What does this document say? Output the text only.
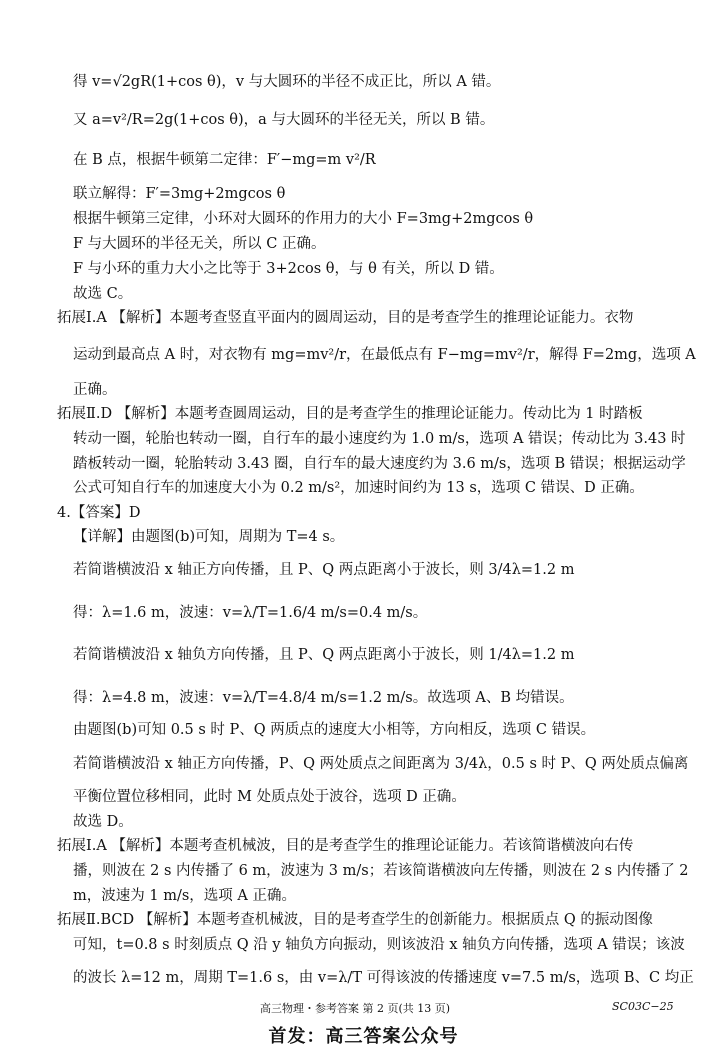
得 v=√2gR(1+cos θ)，v 与大圆环的半径不成正比，所以 A 错。
又 a=v²/R=2g(1+cos θ)，a 与大圆环的半径无关，所以 B 错。
在 B 点，根据牛顿第二定律：F′−mg=m v²/R
联立解得：F′=3mg+2mgcos θ
根据牛顿第三定律，小环对大圆环的作用力的大小 F=3mg+2mgcos θ
F 与大圆环的半径无关，所以 C 正确。
F 与小环的重力大小之比等于 3+2cos θ，与 θ 有关，所以 D 错。
故选 C。
拓展Ⅰ.A 【解析】本题考查竖直平面内的圆周运动，目的是考查学生的推理论证能力。衣物
运动到最高点 A 时，对衣物有 mg=mv²/r，在最低点有 F−mg=mv²/r，解得 F=2mg，选项 A
正确。
拓展Ⅱ.D 【解析】本题考查圆周运动，目的是考查学生的推理论证能力。传动比为 1 时踏板
转动一圈，轮胎也转动一圈，自行车的最小速度约为 1.0 m/s，选项 A 错误；传动比为 3.43 时
踏板转动一圈，轮胎转动 3.43 圈，自行车的最大速度约为 3.6 m/s，选项 B 错误；根据运动学
公式可知自行车的加速度大小为 0.2 m/s²，加速时间约为 13 s，选项 C 错误、D 正确。
4.【答案】D
【详解】由题图(b)可知，周期为 T=4 s。
若简谐横波沿 x 轴正方向传播，且 P、Q 两点距离小于波长，则 3/4λ=1.2 m
得：λ=1.6 m，波速：v=λ/T=1.6/4 m/s=0.4 m/s。
若简谐横波沿 x 轴负方向传播，且 P、Q 两点距离小于波长，则 1/4λ=1.2 m
得：λ=4.8 m，波速：v=λ/T=4.8/4 m/s=1.2 m/s。故选项 A、B 均错误。
由题图(b)可知 0.5 s 时 P、Q 两质点的速度大小相等，方向相反，选项 C 错误。
若简谐横波沿 x 轴正方向传播，P、Q 两处质点之间距离为 3/4λ，0.5 s 时 P、Q 两处质点偏离
平衡位置位移相同，此时 M 处质点处于波谷，选项 D 正确。
故选 D。
拓展Ⅰ.A 【解析】本题考查机械波，目的是考查学生的推理论证能力。若该简谐横波向右传
播，则波在 2 s 内传播了 6 m，波速为 3 m/s；若该简谐横波向左传播，则波在 2 s 内传播了 2
m，波速为 1 m/s，选项 A 正确。
拓展Ⅱ.BCD 【解析】本题考查机械波，目的是考查学生的创新能力。根据质点 Q 的振动图像
可知，t=0.8 s 时刻质点 Q 沿 y 轴负方向振动，则该波沿 x 轴负方向传播，选项 A 错误；该波
的波长 λ=12 m，周期 T=1.6 s，由 v=λ/T 可得该波的传播速度 v=7.5 m/s，选项 B、C 均正
高三物理・参考答案 第 2 页(共 13 页)	SC03C−25
首发：高三答案公众号
